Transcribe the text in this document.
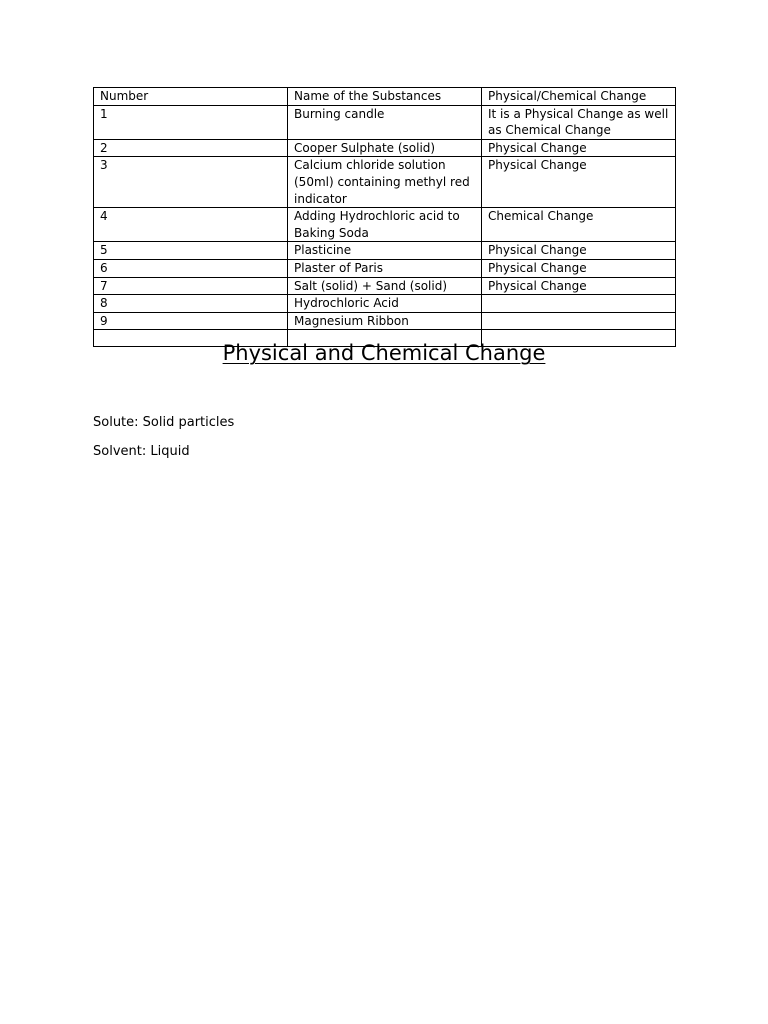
Number	Name of the Substances	Physical/Chemical Change
1	Burning candle	It is a Physical Change as well as Chemical Change
2	Cooper Sulphate (solid)	Physical Change
3	Calcium chloride solution (50ml) containing methyl red indicator	Physical Change
4	Adding Hydrochloric acid to Baking Soda	Chemical Change
5	Plasticine	Physical Change
6	Plaster of Paris	Physical Change
7	Salt (solid) + Sand (solid)	Physical Change
8	Hydrochloric Acid	
9	Magnesium Ribbon	

Physical and Chemical Change
Solute: Solid particles
Solvent: Liquid
